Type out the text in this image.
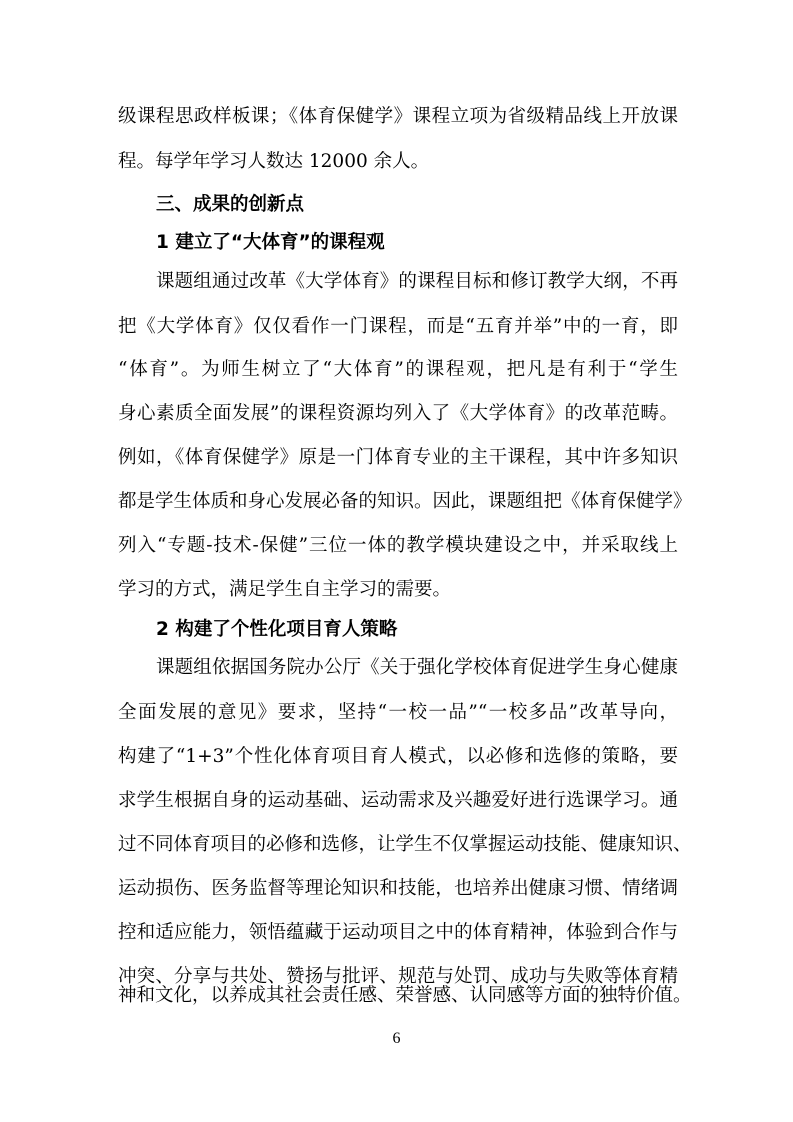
级课程思政样板课；《体育保健学》课程立项为省级精品线上开放课
程。每学年学习人数达 12000 余人。
三、成果的创新点
1 建立了“大体育”的课程观
课题组通过改革《大学体育》的课程目标和修订教学大纲，不再
把《大学体育》仅仅看作一门课程，而是“五育并举”中的一育，即
“体育”。为师生树立了“大体育”的课程观，把凡是有利于“学生
身心素质全面发展”的课程资源均列入了《大学体育》的改革范畴。
例如，《体育保健学》原是一门体育专业的主干课程，其中许多知识
都是学生体质和身心发展必备的知识。因此，课题组把《体育保健学》
列入“专题-技术-保健”三位一体的教学模块建设之中，并采取线上
学习的方式，满足学生自主学习的需要。
2 构建了个性化项目育人策略
课题组依据国务院办公厅《关于强化学校体育促进学生身心健康
全面发展的意见》要求，坚持“一校一品”“一校多品”改革导向，
构建了“1+3”个性化体育项目育人模式，以必修和选修的策略，要
求学生根据自身的运动基础、运动需求及兴趣爱好进行选课学习。通
过不同体育项目的必修和选修，让学生不仅掌握运动技能、健康知识、
运动损伤、医务监督等理论知识和技能，也培养出健康习惯、情绪调
控和适应能力，领悟蕴藏于运动项目之中的体育精神，体验到合作与
冲突、分享与共处、赞扬与批评、规范与处罚、成功与失败等体育精
神和文化，以养成其社会责任感、荣誉感、认同感等方面的独特价值。
6
